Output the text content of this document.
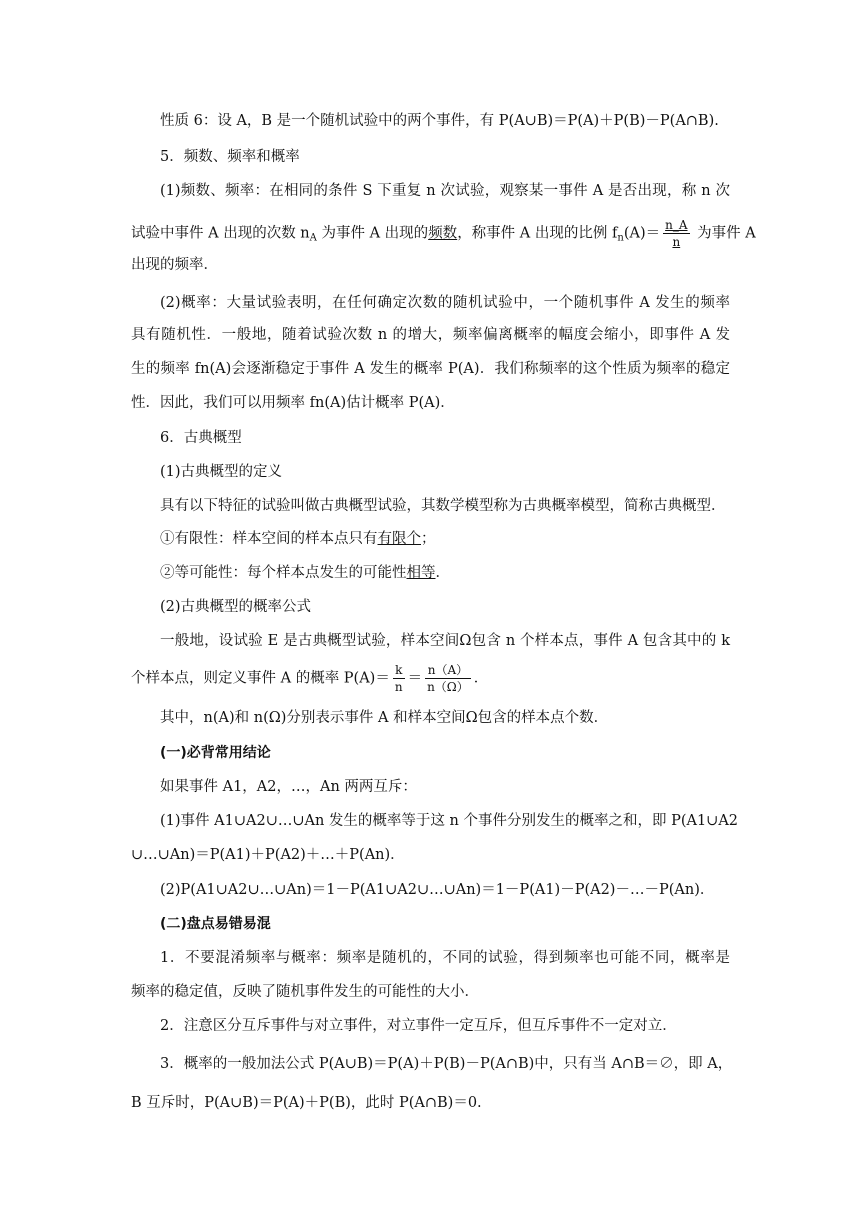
性质 6：设 A，B 是一个随机试验中的两个事件，有 P(A∪B)＝P(A)＋P(B)－P(A∩B).
5．频数、频率和概率
(1)频数、频率：在相同的条件 S 下重复 n 次试验，观察某一事件 A 是否出现，称 n 次
试验中事件 A 出现的次数 $n_A$ 为事件 A 出现的频数，称事件 A 出现的比例 $f_n(A)= \frac{n\_A}{n}$ 为事件 A
出现的频率．
(2)概率：大量试验表明，在任何确定次数的随机试验中，一个随机事件 A 发生的频率
具有随机性．一般地，随着试验次数 n 的增大，频率偏离概率的幅度会缩小，即事件 A 发
生的频率 fn(A)会逐渐稳定于事件 A 发生的概率 P(A)．我们称频率的这个性质为频率的稳定
性．因此，我们可以用频率 fn(A)估计概率 P(A)．
6．古典概型
(1)古典概型的定义
具有以下特征的试验叫做古典概型试验，其数学模型称为古典概率模型，简称古典概型．
①有限性：样本空间的样本点只有有限个；
②等可能性：每个样本点发生的可能性相等．
(2)古典概型的概率公式
一般地，设试验 E 是古典概型试验，样本空间Ω包含 n 个样本点，事件 A 包含其中的 k
个样本点，则定义事件 A 的概率 $P(A)= \frac{k}{n} = \frac{n(A)}{n(\Omega)}$ ．
其中，n(A)和 n(Ω)分别表示事件 A 和样本空间Ω包含的样本点个数．
(一)必背常用结论
如果事件 A1，A2，…，An 两两互斥：
(1)事件 A1∪A2∪…∪An 发生的概率等于这 n 个事件分别发生的概率之和，即 P(A1∪A2
∪…∪An)＝P(A1)＋P(A2)＋…＋P(An)．
(2)P(A1∪A2∪…∪An)＝1－P(A1∪A2∪…∪An)＝1－P(A1)－P(A2)－…－P(An)．
(二)盘点易错易混
1．不要混淆频率与概率：频率是随机的，不同的试验，得到频率也可能不同，概率是
频率的稳定值，反映了随机事件发生的可能性的大小．
2．注意区分互斥事件与对立事件，对立事件一定互斥，但互斥事件不一定对立．
3．概率的一般加法公式 P(A∪B)＝P(A)＋P(B)－P(A∩B)中，只有当 A∩B＝∅，即 A，
B 互斥时，P(A∪B)＝P(A)＋P(B)，此时 P(A∩B)＝0.
